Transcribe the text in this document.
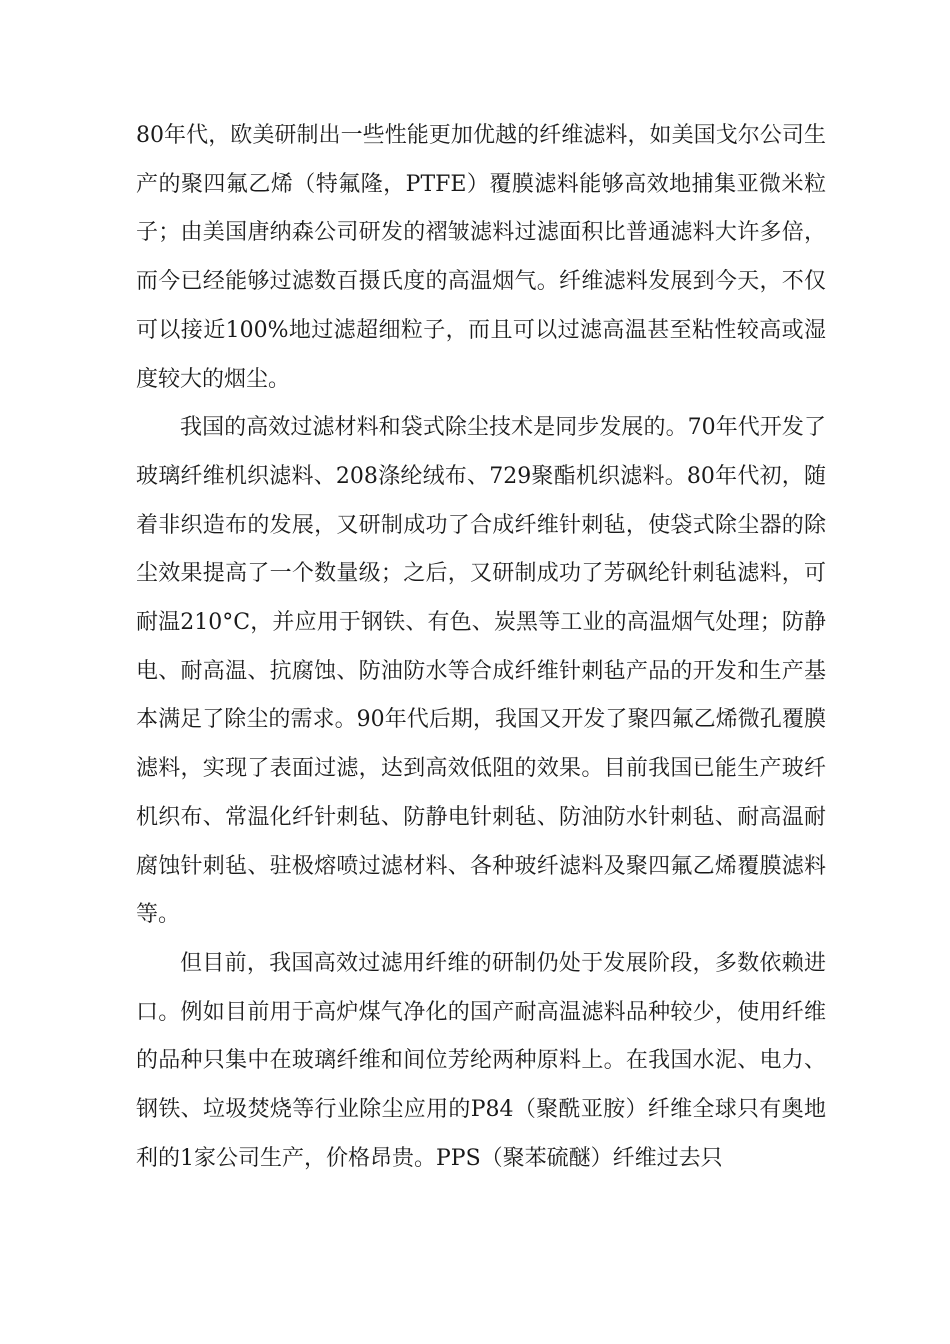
80年代，欧美研制出一些性能更加优越的纤维滤料，如美国戈尔公司生产的聚四氟乙烯（特氟隆，PTFE）覆膜滤料能够高效地捕集亚微米粒子；由美国唐纳森公司研发的褶皱滤料过滤面积比普通滤料大许多倍，而今已经能够过滤数百摄氏度的高温烟气。纤维滤料发展到今天，不仅可以接近100%地过滤超细粒子，而且可以过滤高温甚至粘性较高或湿度较大的烟尘。

我国的高效过滤材料和袋式除尘技术是同步发展的。70年代开发了玻璃纤维机织滤料、208涤纶绒布、729聚酯机织滤料。80年代初，随着非织造布的发展，又研制成功了合成纤维针刺毡，使袋式除尘器的除尘效果提高了一个数量级；之后，又研制成功了芳砜纶针刺毡滤料，可耐温210°C，并应用于钢铁、有色、炭黑等工业的高温烟气处理；防静电、耐高温、抗腐蚀、防油防水等合成纤维针刺毡产品的开发和生产基本满足了除尘的需求。90年代后期，我国又开发了聚四氟乙烯微孔覆膜滤料，实现了表面过滤，达到高效低阻的效果。目前我国已能生产玻纤机织布、常温化纤针刺毡、防静电针刺毡、防油防水针刺毡、耐高温耐腐蚀针刺毡、驻极熔喷过滤材料、各种玻纤滤料及聚四氟乙烯覆膜滤料等。

但目前，我国高效过滤用纤维的研制仍处于发展阶段，多数依赖进口。例如目前用于高炉煤气净化的国产耐高温滤料品种较少，使用纤维的品种只集中在玻璃纤维和间位芳纶两种原料上。在我国水泥、电力、钢铁、垃圾焚烧等行业除尘应用的P84（聚酰亚胺）纤维全球只有奥地利的1家公司生产，价格昂贵。PPS（聚苯硫醚）纤维过去只
